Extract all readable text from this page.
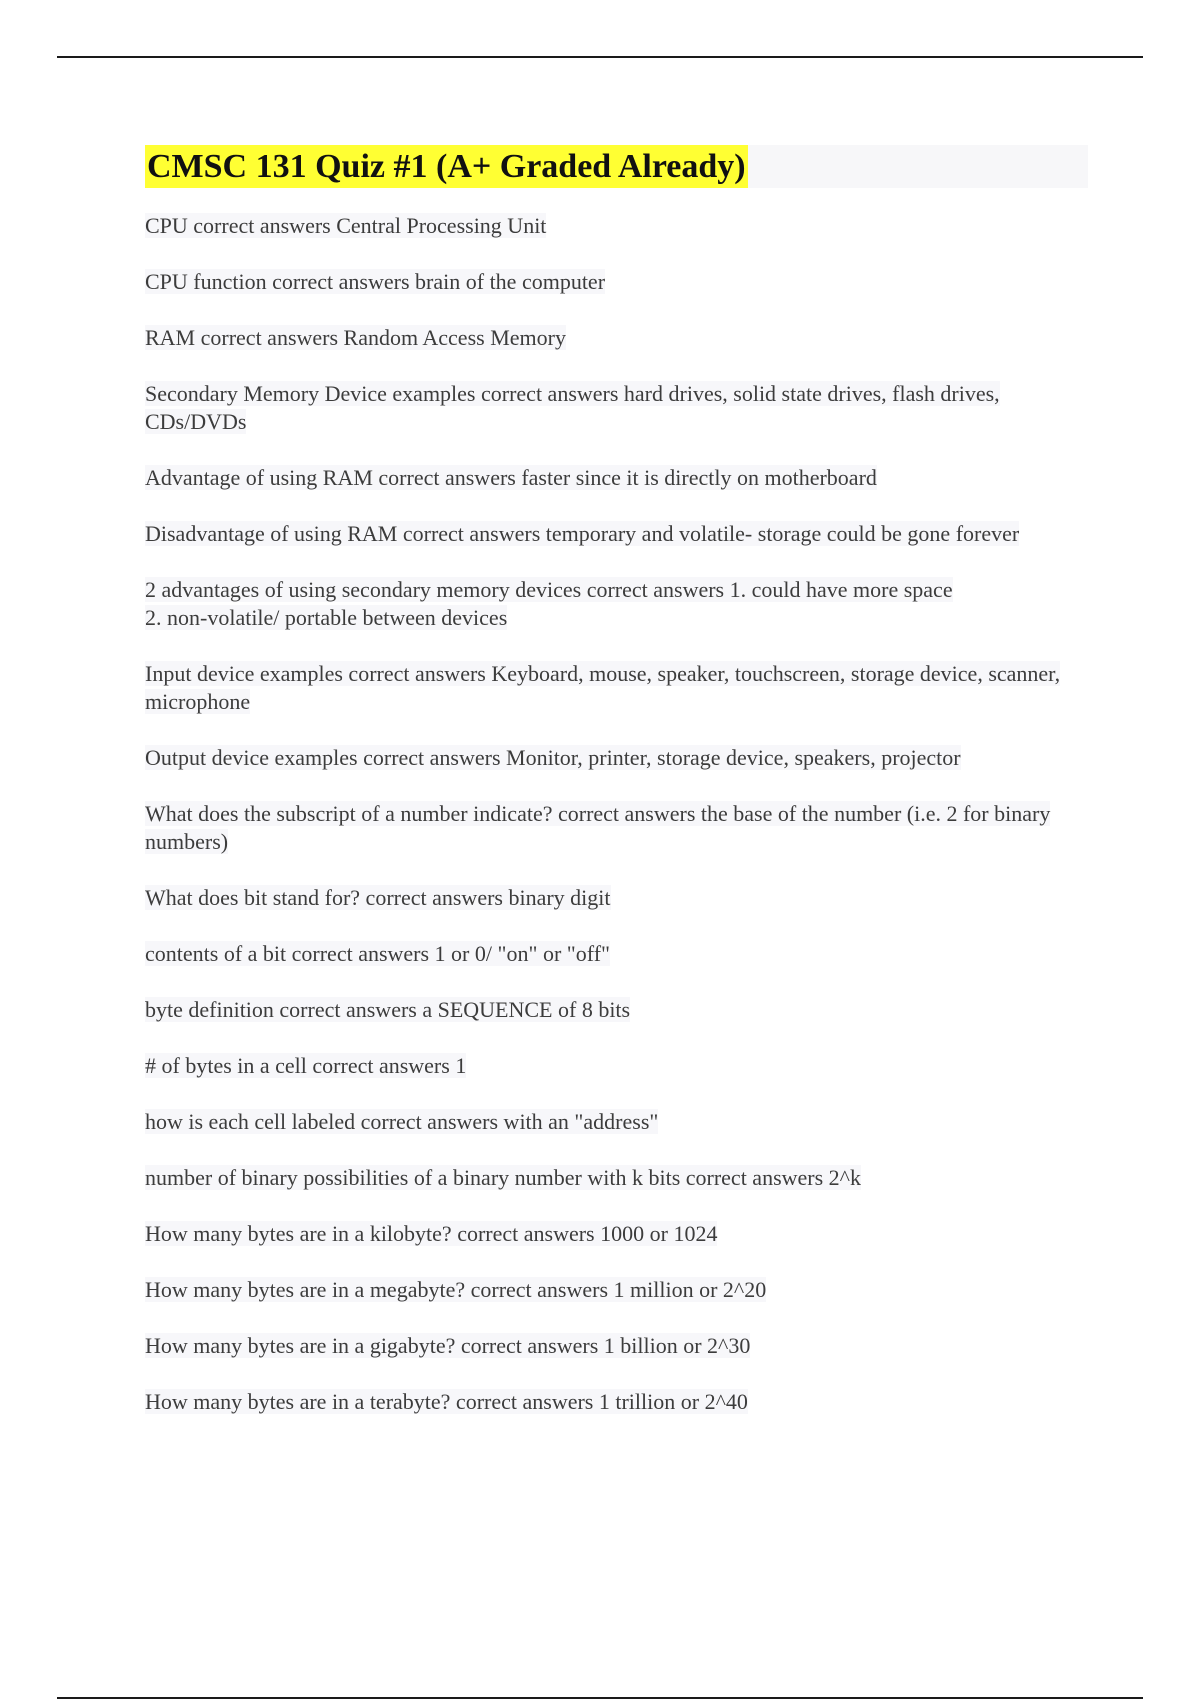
CMSC 131 Quiz #1 (A+ Graded Already)
CPU correct answers Central Processing Unit
CPU function correct answers brain of the computer
RAM correct answers Random Access Memory
Secondary Memory Device examples correct answers hard drives, solid state drives, flash drives, CDs/DVDs
Advantage of using RAM correct answers faster since it is directly on motherboard
Disadvantage of using RAM correct answers temporary and volatile- storage could be gone forever
2 advantages of using secondary memory devices correct answers 1. could have more space
2. non-volatile/ portable between devices
Input device examples correct answers Keyboard, mouse, speaker, touchscreen, storage device, scanner, microphone
Output device examples correct answers Monitor, printer, storage device, speakers, projector
What does the subscript of a number indicate? correct answers the base of the number (i.e. 2 for binary numbers)
What does bit stand for? correct answers binary digit
contents of a bit correct answers 1 or 0/ "on" or "off"
byte definition correct answers a SEQUENCE of 8 bits
# of bytes in a cell correct answers 1
how is each cell labeled correct answers with an "address"
number of binary possibilities of a binary number with k bits correct answers 2^k
How many bytes are in a kilobyte? correct answers 1000 or 1024
How many bytes are in a megabyte? correct answers 1 million or 2^20
How many bytes are in a gigabyte? correct answers 1 billion or 2^30
How many bytes are in a terabyte? correct answers 1 trillion or 2^40
